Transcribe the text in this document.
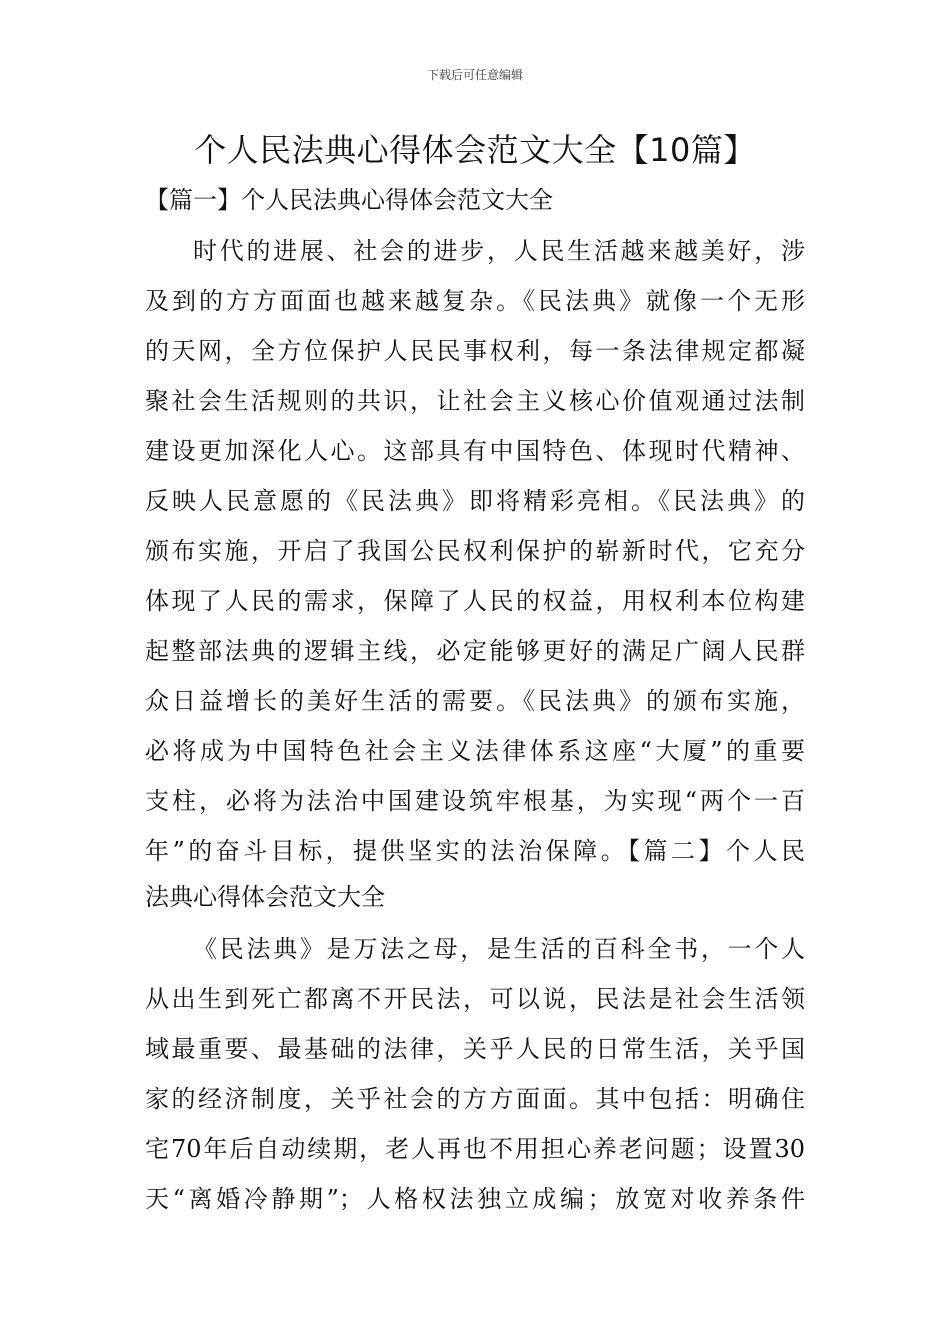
下载后可任意编辑
个人民法典心得体会范文大全【10篇】
【篇一】个人民法典心得体会范文大全
时代的进展、社会的进步，人民生活越来越美好，涉
及到的方方面面也越来越复杂。《民法典》就像一个无形
的天网，全方位保护人民民事权利，每一条法律规定都凝
聚社会生活规则的共识，让社会主义核心价值观通过法制
建设更加深化人心。这部具有中国特色、体现时代精神、
反映人民意愿的《民法典》即将精彩亮相。《民法典》的
颁布实施，开启了我国公民权利保护的崭新时代，它充分
体现了人民的需求，保障了人民的权益，用权利本位构建
起整部法典的逻辑主线，必定能够更好的满足广阔人民群
众日益增长的美好生活的需要。《民法典》的颁布实施，
必将成为中国特色社会主义法律体系这座“大厦”的重要
支柱，必将为法治中国建设筑牢根基，为实现“两个一百
年”的奋斗目标，提供坚实的法治保障。【篇二】个人民
法典心得体会范文大全
《民法典》是万法之母，是生活的百科全书，一个人
从出生到死亡都离不开民法，可以说，民法是社会生活领
域最重要、最基础的法律，关乎人民的日常生活，关乎国
家的经济制度，关乎社会的方方面面。其中包括：明确住
宅70年后自动续期，老人再也不用担心养老问题；设置30
天“离婚冷静期”；人格权法独立成编；放宽对收养条件
